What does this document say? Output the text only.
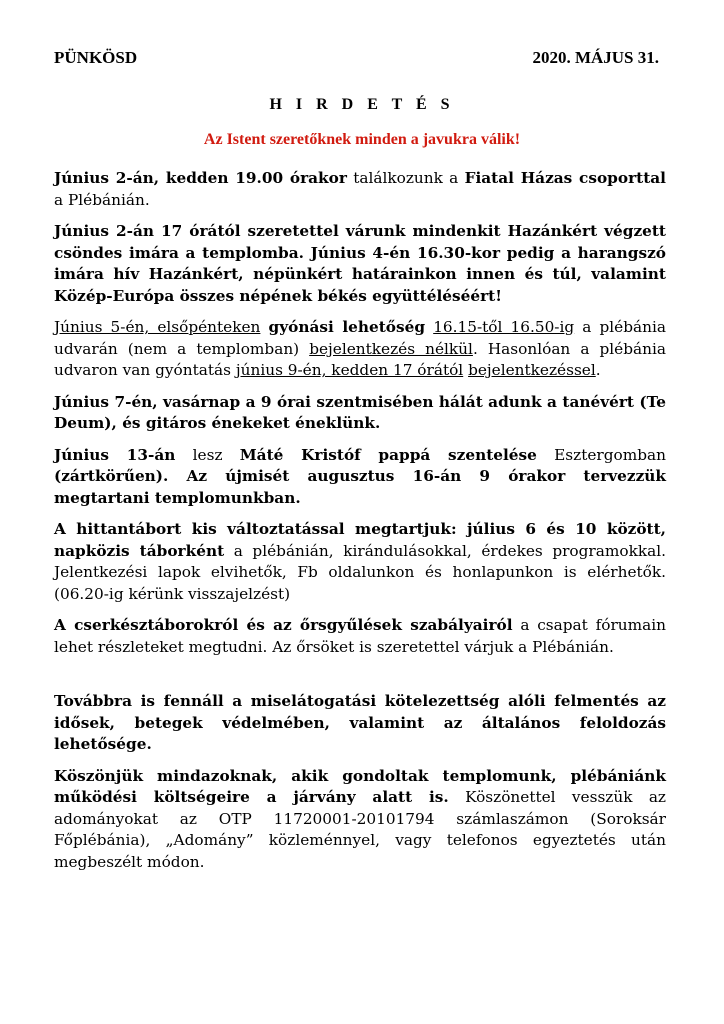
PÜNKÖSD	2020. MÁJUS 31.
H I R D E T É S
Az Istent szeretőknek minden a javukra válik!

Június 2-án, kedden 19.00 órakor találkozunk a Fiatal Házas csoporttal a Plébánián.

Június 2-án 17 órától szeretettel várunk mindenkit Hazánkért végzett csöndes imára a templomba. Június 4-én 16.30-kor pedig a harangszó imára hív Hazánkért, népünkért határainkon innen és túl, valamint Közép-Európa összes népének békés együttéléséért!

Június 5-én, elsőpénteken gyónási lehetőség 16.15-től 16.50-ig a plébánia udvarán (nem a templomban) bejelentkezés nélkül. Hasonlóan a plébánia udvaron van gyóntatás június 9-én, kedden 17 órától bejelentkezéssel.

Június 7-én, vasárnap a 9 órai szentmisében hálát adunk a tanévért (Te Deum), és gitáros énekeket éneklünk.

Június 13-án lesz Máté Kristóf pappá szentelése Esztergomban (zártkörűen). Az újmisét augusztus 16-án 9 órakor tervezzük megtartani templomunkban.

A hittantábort kis változtatással megtartjuk: július 6 és 10 között, napközis táborként a plébánián, kirándulásokkal, érdekes programokkal. Jelentkezési lapok elvihetők, Fb oldalunkon és honlapunkon is elérhetők. (06.20-ig kérünk visszajelzést)

A cserkésztáborokról és az őrsgyűlések szabályairól a csapat fórumain lehet részleteket megtudni. Az őrsöket is szeretettel várjuk a Plébánián.

Továbbra is fennáll a miselátogatási kötelezettség alóli felmentés az idősek, betegek védelmében, valamint az általános feloldozás lehetősége.

Köszönjük mindazoknak, akik gondoltak templomunk, plébániánk működési költségeire a járvány alatt is. Köszönettel vesszük az adományokat az OTP 11720001-20101794 számlaszámon (Soroksár Főplébánia), „Adomány” közleménnyel, vagy telefonos egyeztetés után megbeszélt módon.
